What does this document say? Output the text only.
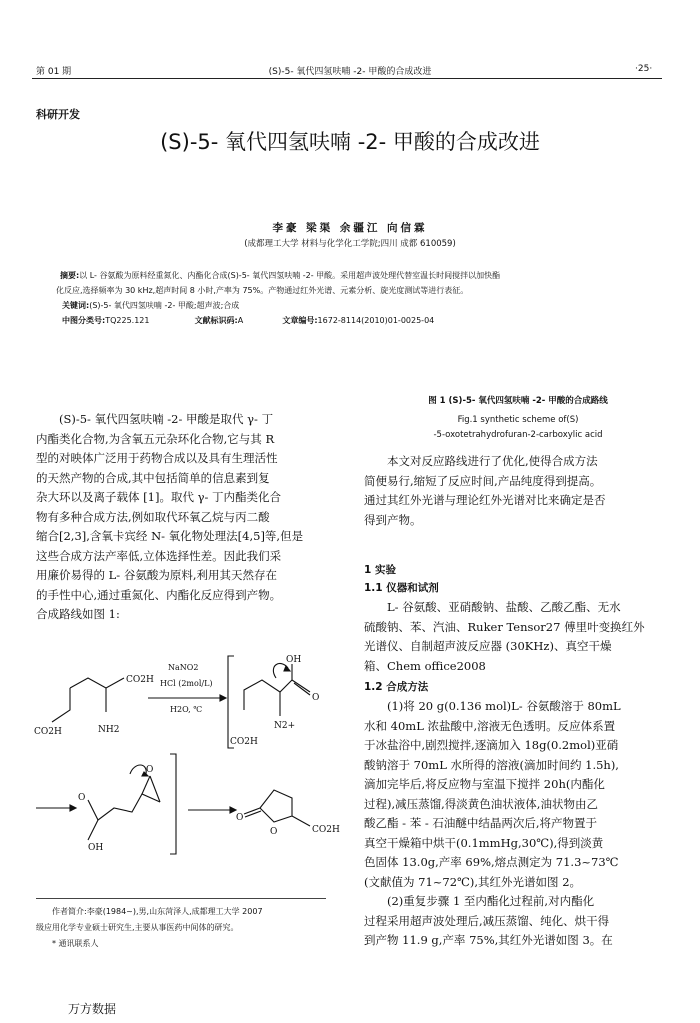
第 01 期	(S)-5- 氧代四氢呋喃 -2- 甲酸的合成改进	·25·
科研开发
(S)-5- 氧代四氢呋喃 -2- 甲酸的合成改进
李豪 梁渠 余疆江 向信霖
(成都理工大学 材料与化学化工学院;四川 成都 610059)
摘要:以 L- 谷氨酸为原料经重氮化、内酯化合成(S)-5- 氧代四氢呋喃 -2- 甲酸。采用超声波处理代替室温长时间搅拌以加快酯
化反应,选择频率为 30 kHz,超声时间 8 小时,产率为 75%。产物通过红外光谱、元素分析、旋光度测试等进行表征。
关键词:(S)-5- 氧代四氢呋喃 -2- 甲酸;超声波;合成
中图分类号:TQ225.121	文献标识码:A	文章编号:1672-8114(2010)01-0025-04
(S)-5- 氧代四氢呋喃 -2- 甲酸是取代 γ- 丁
内酯类化合物,为含氧五元杂环化合物,它与其 R
型的对映体广泛用于药物合成以及具有生理活性
的天然产物的合成,其中包括简单的信息素到复
杂大环以及离子载体 [1]。取代 γ- 丁内酯类化合
物有多种合成方法,例如取代环氧乙烷与丙二酸
缩合[2,3],含氧卡宾经 N- 氧化物处理法[4,5]等,但是
这些合成方法产率低,立体选择性差。因此我们采
用廉价易得的 L- 谷氨酸为原料,利用其天然存在
的手性中心,通过重氮化、内酯化反应得到产物。
合成路线如图 1:
CO2H
CO2H	NH2
NaNO2
HCl (2mol/L)
H2O, ℃
OH
O
CO2H
N2+
O
O
OH
O
O	CO2H
图 1 (S)-5- 氧代四氢呋喃 -2- 甲酸的合成路线
Fig.1 synthetic scheme of(S)
-5-oxotetrahydrofuran-2-carboxylic acid
本文对反应路线进行了优化,使得合成方法
简便易行,缩短了反应时间,产品纯度得到提高。
通过其红外光谱与理论红外光谱对比来确定是否
得到产物。
1 实验
1.1 仪器和试剂
L- 谷氨酸、亚硝酸钠、盐酸、乙酸乙酯、无水
硫酸钠、苯、汽油、Ruker Tensor27 傅里叶变换红外
光谱仪、自制超声波反应器 (30KHz)、真空干燥
箱、Chem office2008
1.2 合成方法
(1)将 20 g(0.136 mol)L- 谷氨酸溶于 80mL
水和 40mL 浓盐酸中,溶液无色透明。反应体系置
于冰盐浴中,剧烈搅拌,逐滴加入 18g(0.2mol)亚硝
酸钠溶于 70mL 水所得的溶液(滴加时间约 1.5h),
滴加完毕后,将反应物与室温下搅拌 20h(内酯化
过程),减压蒸馏,得淡黄色油状液体,油状物由乙
酸乙酯 - 苯 - 石油醚中结晶两次后,将产物置于
真空干燥箱中烘干(0.1mmHg,30℃),得到淡黄
色固体 13.0g,产率 69%,熔点测定为 71.3~73℃
(文献值为 71~72℃),其红外光谱如图 2。
(2)重复步骤 1 至内酯化过程前,对内酯化
过程采用超声波处理后,减压蒸馏、纯化、烘干得
到产物 11.9 g,产率 75%,其红外光谱如图 3。在
作者简介:李豪(1984~),男,山东菏泽人,成都理工大学 2007
级应用化学专业硕士研究生,主要从事医药中间体的研究。
* 通讯联系人
万方数据
